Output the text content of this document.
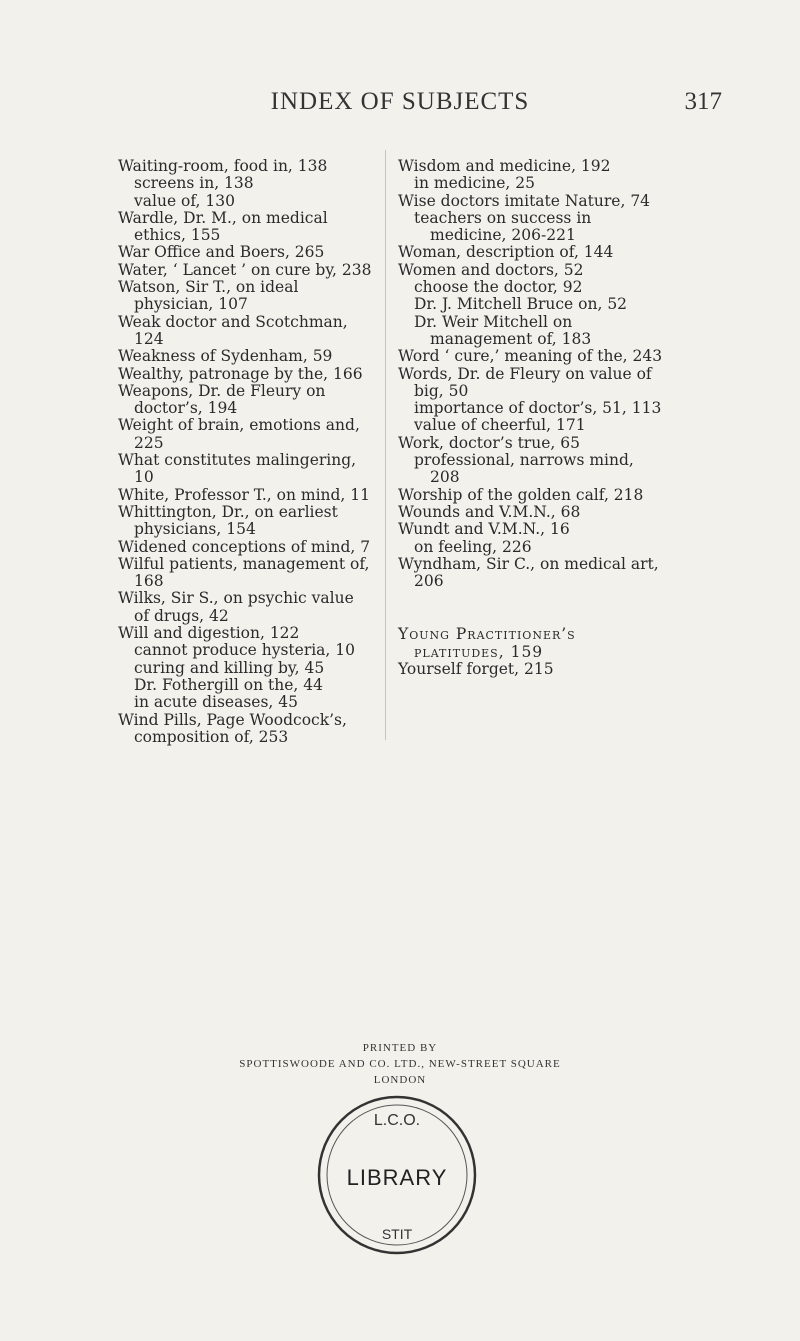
INDEX OF SUBJECTS	317

Waiting-room, food in, 138

screens in, 138

value of, 130

Wardle, Dr. M., on medical ethics, 155

War Office and Boers, 265

Water, ‘ Lancet ’ on cure by, 238

Watson, Sir T., on ideal physician, 107

Weak doctor and Scotchman, 124

Weakness of Sydenham, 59

Wealthy, patronage by the, 166

Weapons, Dr. de Fleury on doctor’s, 194

Weight of brain, emotions and, 225

What constitutes malingering, 10

White, Professor T., on mind, 11

Whittington, Dr., on earliest physicians, 154

Widened conceptions of mind, 7

Wilful patients, management of, 168

Wilks, Sir S., on psychic value of drugs, 42

Will and digestion, 122

cannot produce hysteria, 10

curing and killing by, 45

Dr. Fothergill on the, 44

in acute diseases, 45

Wind Pills, Page Woodcock’s, composition of, 253

Wisdom and medicine, 192

in medicine, 25

Wise doctors imitate Nature, 74

teachers on success in medicine, 206-221

Woman, description of, 144

Women and doctors, 52

choose the doctor, 92

Dr. J. Mitchell Bruce on, 52

Dr. Weir Mitchell on management of, 183

Word ‘ cure,’ meaning of the, 243

Words, Dr. de Fleury on value of big, 50

importance of doctor’s, 51, 113

value of cheerful, 171

Work, doctor’s true, 65

professional, narrows mind, 208

Worship of the golden calf, 218

Wounds and V.M.N., 68

Wundt and V.M.N., 16

on feeling, 226

Wyndham, Sir C., on medical art, 206

Young Practitioner’s platitudes, 159

Yourself forget, 215

PRINTED BY
SPOTTISWOODE AND CO. LTD., NEW-STREET SQUARE
LONDON
L.C.O.
LIBRARY
STIT
